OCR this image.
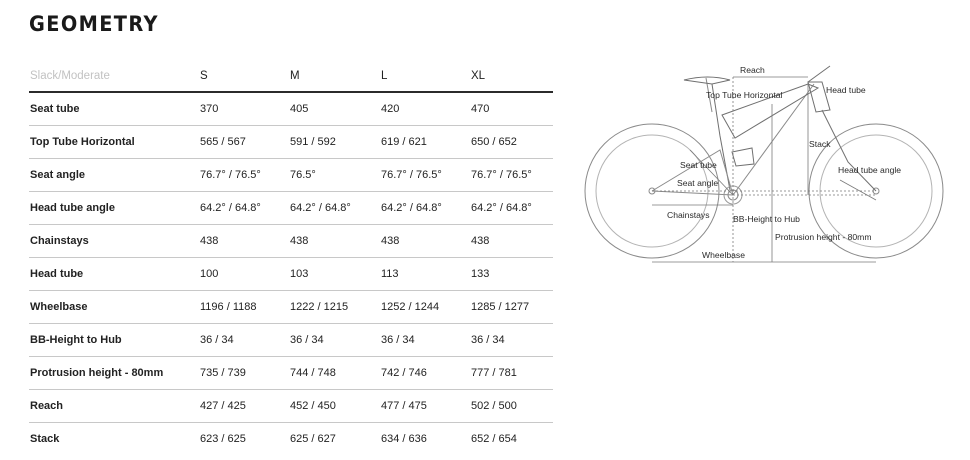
GEOMETRY
Slack/Moderate	S	M	L	XL
Seat tube	370	405	420	470
Top Tube Horizontal	565 / 567	591 / 592	619 / 621	650 / 652
Seat angle	76.7° / 76.5°	76.5°	76.7° / 76.5°	76.7° / 76.5°
Head tube angle	64.2° / 64.8°	64.2° / 64.8°	64.2° / 64.8°	64.2° / 64.8°
Chainstays	438	438	438	438
Head tube	100	103	113	133
Wheelbase	1196 / 1188	1222 / 1215	1252 / 1244	1285 / 1277
BB-Height to Hub	36 / 34	36 / 34	36 / 34	36 / 34
Protrusion height - 80mm	735 / 739	744 / 748	742 / 746	777 / 781
Reach	427 / 425	452 / 450	477 / 475	502 / 500
Stack	623 / 625	625 / 627	634 / 636	652 / 654
Reach
Head tube
Top Tube Horizontal
Stack
Seat tube
Seat angle
Head tube angle
Chainstays	BB-Height to Hub
Protrusion height - 80mm
Wheelbase
